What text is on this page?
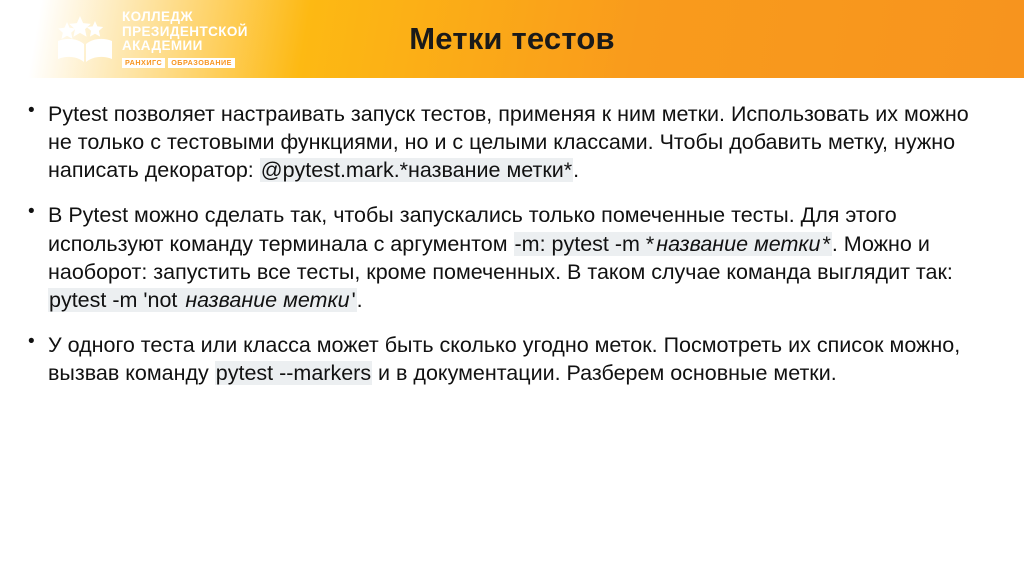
КОЛЛЕДЖ
ПРЕЗИДЕНТСКОЙ
АКАДЕМИИ
РАНХИГС	ОБРАЗОВАНИЕ
Метки тестов
• Pytest позволяет настраивать запуск тестов, применяя к ним метки. Использовать их можно не только с тестовыми функциями, но и с целыми классами. Чтобы добавить метку, нужно написать декоратор: @pytest.mark.*название метки*.
• В Pytest можно сделать так, чтобы запускались только помеченные тесты. Для этого используют команду терминала с аргументом -m: pytest -m *название метки*. Можно и наоборот: запустить все тесты, кроме помеченных. В таком случае команда выглядит так: pytest -m 'not название метки'.
• У одного теста или класса может быть сколько угодно меток. Посмотреть их список можно, вызвав команду pytest --markers и в документации. Разберем основные метки.
